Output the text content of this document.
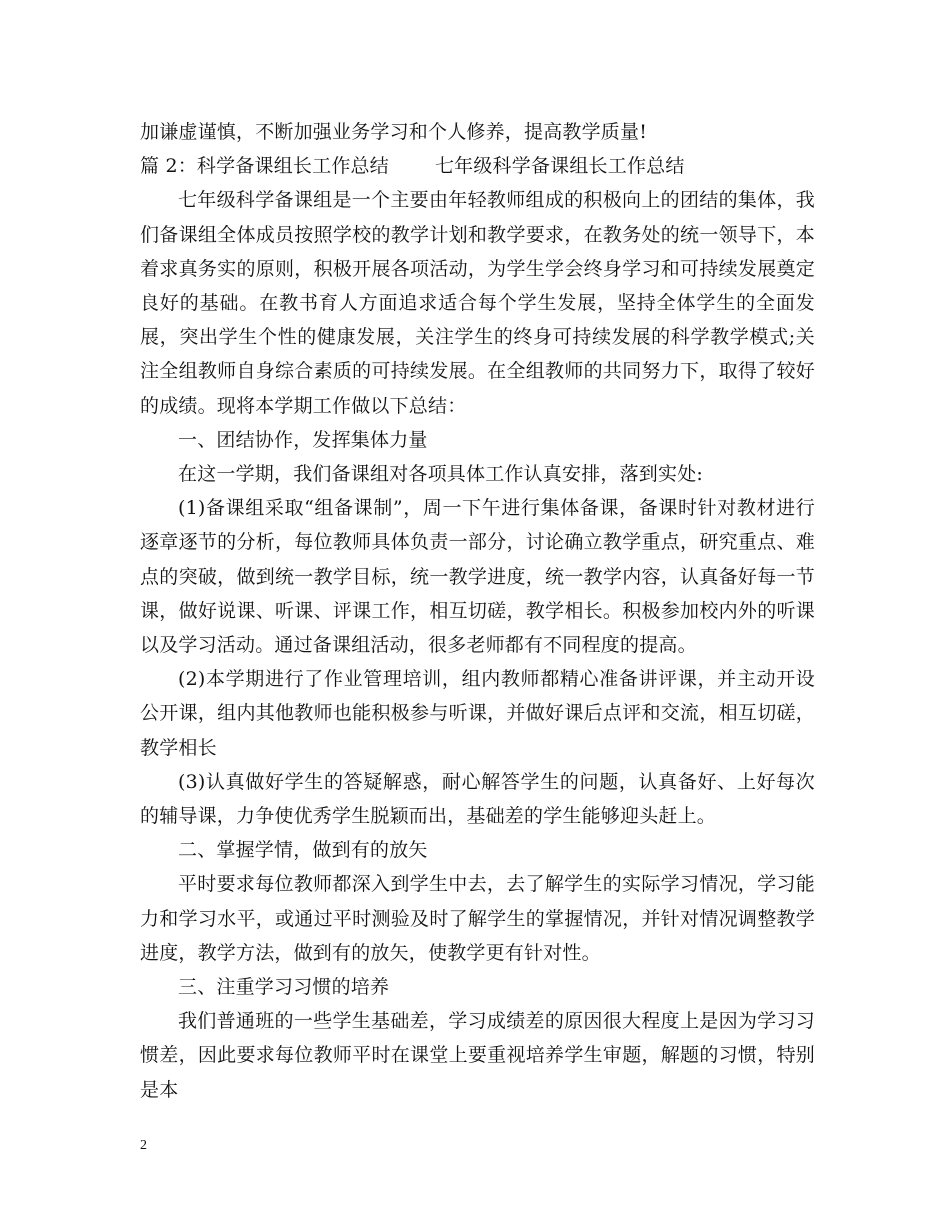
加谦虚谨慎，不断加强业务学习和个人修养，提高教学质量!

篇 2：科学备课组长工作总结 七年级科学备课组长工作总结

七年级科学备课组是一个主要由年轻教师组成的积极向上的团结的集体，我们备课组全体成员按照学校的教学计划和教学要求，在教务处的统一领导下，本着求真务实的原则，积极开展各项活动，为学生学会终身学习和可持续发展奠定良好的基础。在教书育人方面追求适合每个学生发展，坚持全体学生的全面发展，突出学生个性的健康发展，关注学生的终身可持续发展的科学教学模式;关注全组教师自身综合素质的可持续发展。在全组教师的共同努力下，取得了较好的成绩。现将本学期工作做以下总结：

一、团结协作，发挥集体力量

在这一学期，我们备课组对各项具体工作认真安排，落到实处:

(1)备课组采取“组备课制”，周一下午进行集体备课，备课时针对教材进行逐章逐节的分析，每位教师具体负责一部分，讨论确立教学重点，研究重点、难点的突破，做到统一教学目标，统一教学进度，统一教学内容，认真备好每一节课，做好说课、听课、评课工作，相互切磋，教学相长。积极参加校内外的听课以及学习活动。通过备课组活动，很多老师都有不同程度的提高。

(2)本学期进行了作业管理培训，组内教师都精心准备讲评课，并主动开设公开课，组内其他教师也能积极参与听课，并做好课后点评和交流，相互切磋，教学相长

(3)认真做好学生的答疑解惑，耐心解答学生的问题，认真备好、上好每次的辅导课，力争使优秀学生脱颖而出，基础差的学生能够迎头赶上。

二、掌握学情，做到有的放矢

平时要求每位教师都深入到学生中去，去了解学生的实际学习情况，学习能力和学习水平，或通过平时测验及时了解学生的掌握情况，并针对情况调整教学进度，教学方法，做到有的放矢，使教学更有针对性。

三、注重学习习惯的培养

我们普通班的一些学生基础差，学习成绩差的原因很大程度上是因为学习习惯差，因此要求每位教师平时在课堂上要重视培养学生审题，解题的习惯，特别是本

2
